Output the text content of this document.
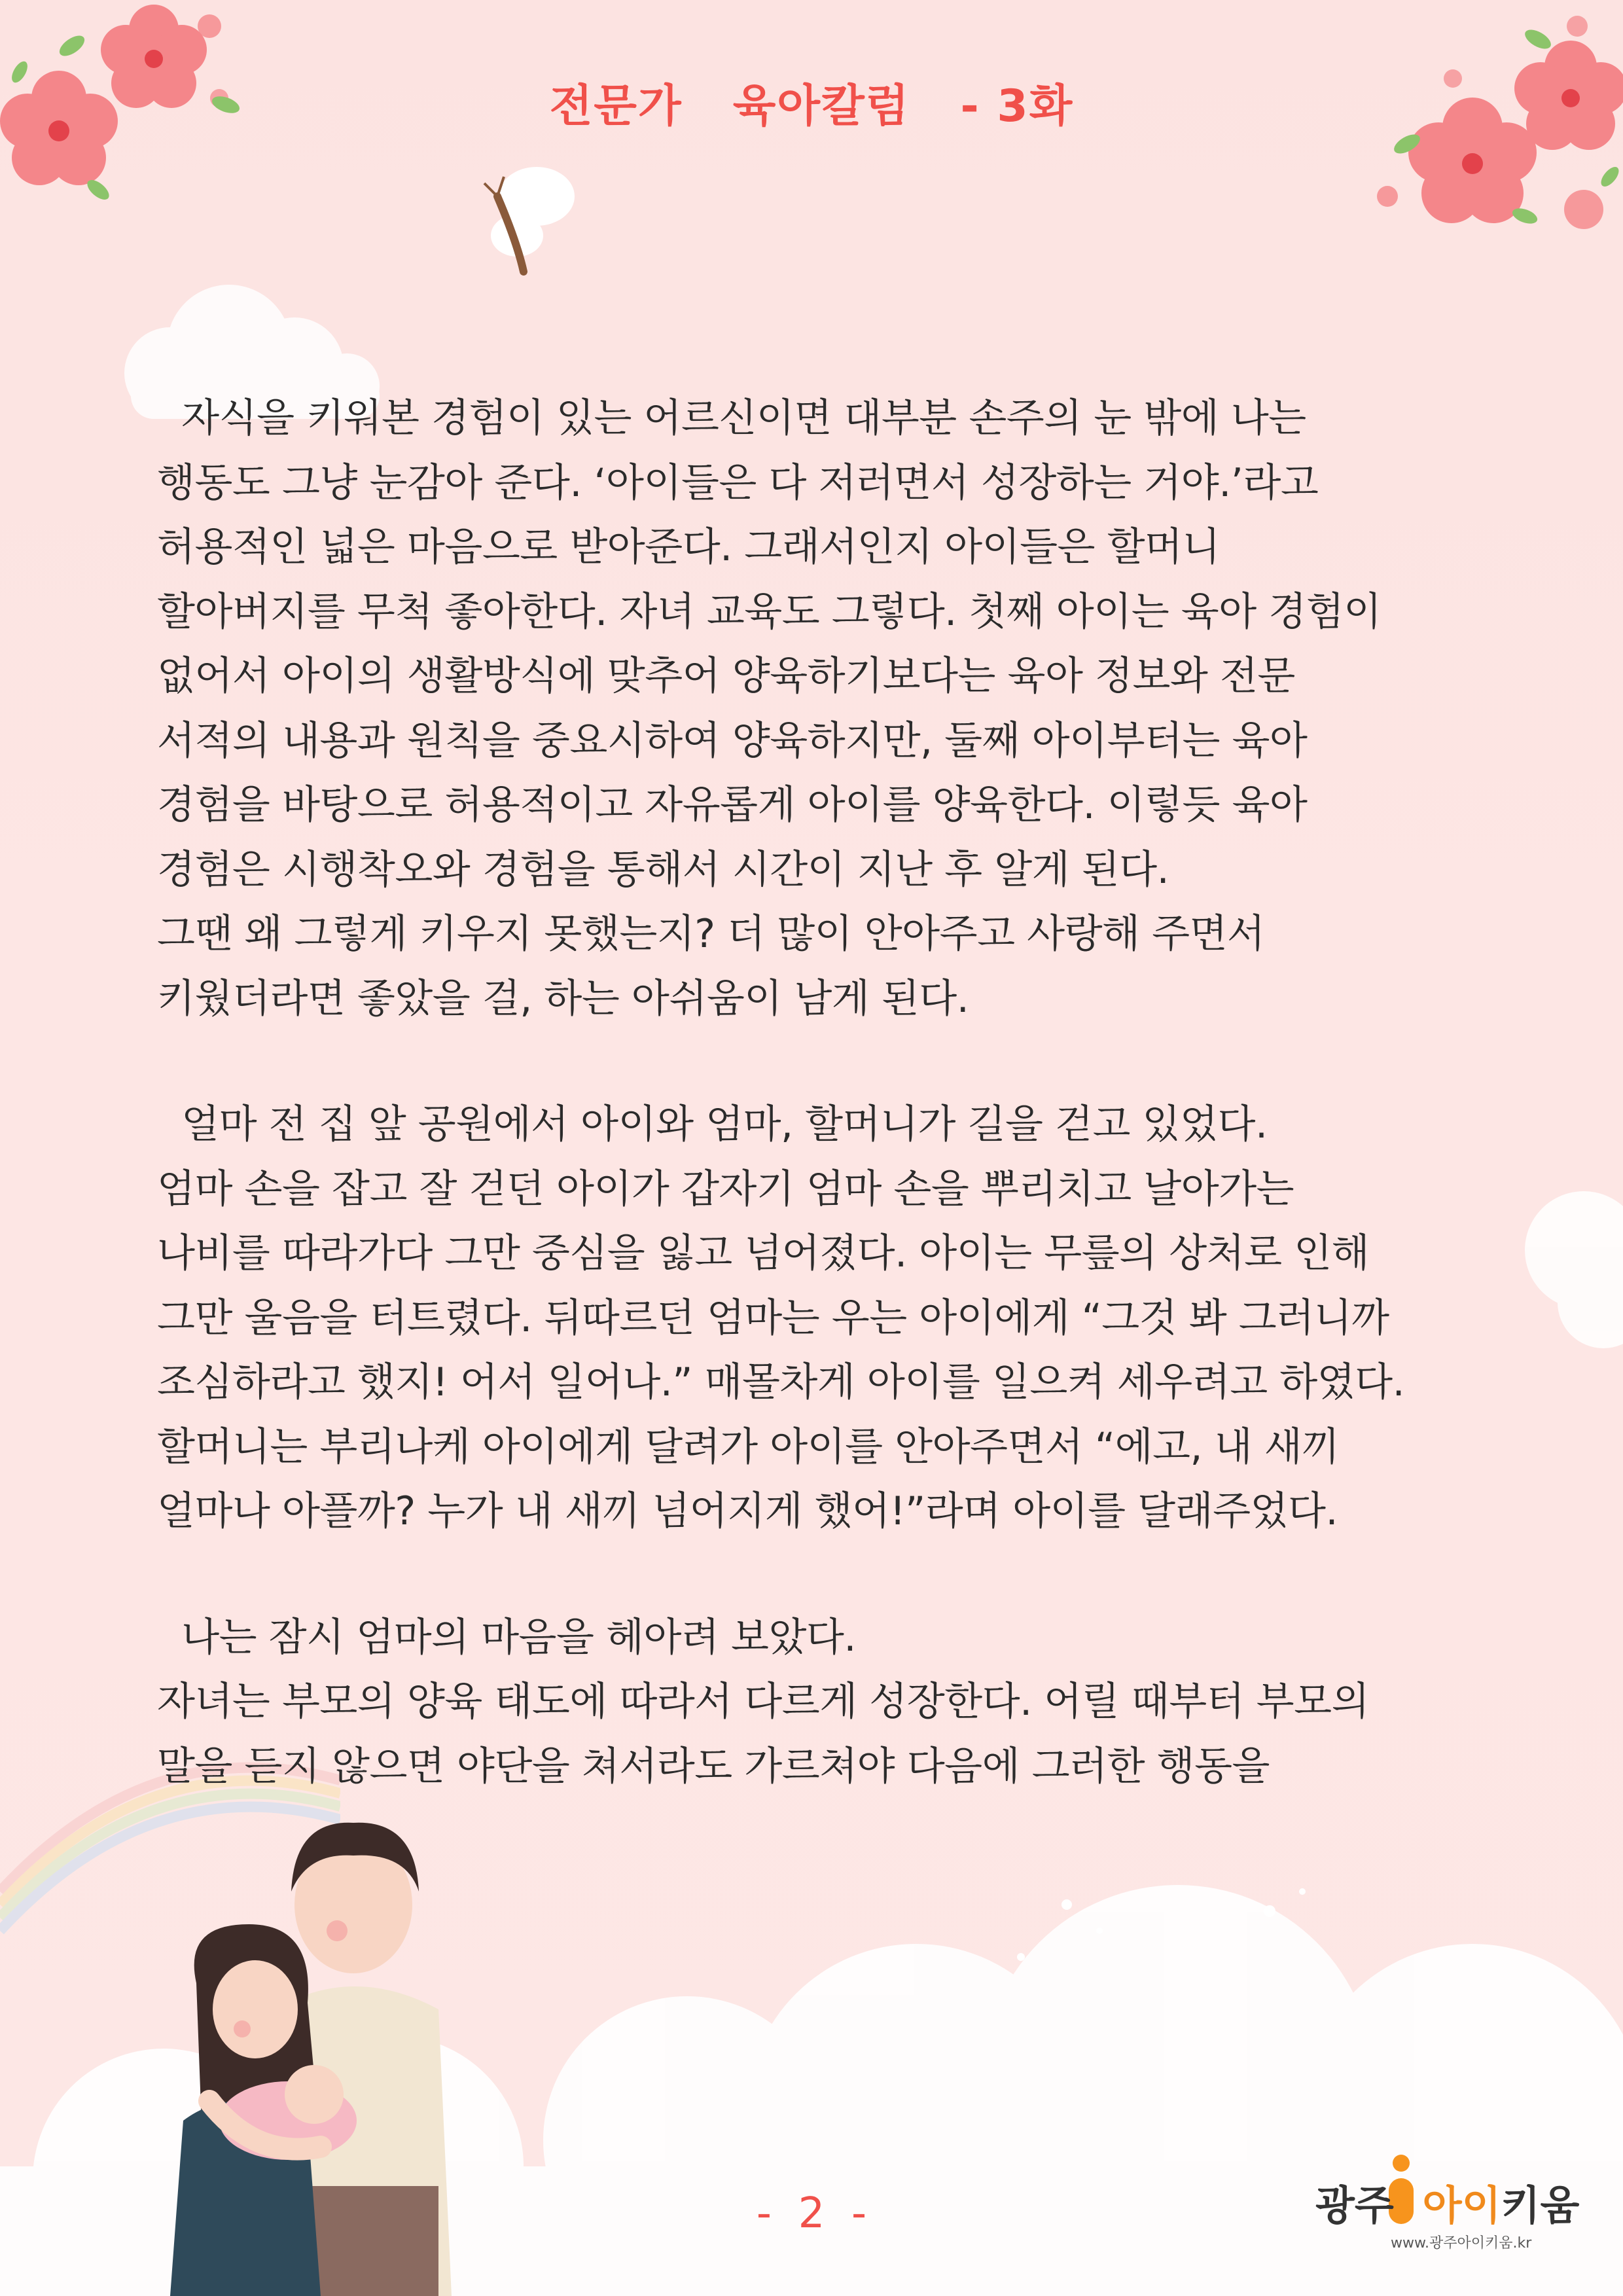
전문가   육아칼럼   - 3화
자식을 키워본 경험이 있는 어르신이면 대부분 손주의 눈 밖에 나는
행동도 그냥 눈감아 준다. ‘아이들은 다 저러면서 성장하는 거야.’라고
허용적인 넓은 마음으로 받아준다. 그래서인지 아이들은 할머니
할아버지를 무척 좋아한다. 자녀 교육도 그렇다. 첫째 아이는 육아 경험이
없어서 아이의 생활방식에 맞추어 양육하기보다는 육아 정보와 전문
서적의 내용과 원칙을 중요시하여 양육하지만, 둘째 아이부터는 육아
경험을 바탕으로 허용적이고 자유롭게 아이를 양육한다. 이렇듯 육아
경험은 시행착오와 경험을 통해서 시간이 지난 후 알게 된다.
그땐 왜 그렇게 키우지 못했는지? 더 많이 안아주고 사랑해 주면서
키웠더라면 좋았을 걸, 하는 아쉬움이 남게 된다.
얼마 전 집 앞 공원에서 아이와 엄마, 할머니가 길을 걷고 있었다.
엄마 손을 잡고 잘 걷던 아이가 갑자기 엄마 손을 뿌리치고 날아가는
나비를 따라가다 그만 중심을 잃고 넘어졌다. 아이는 무릎의 상처로 인해
그만 울음을 터트렸다. 뒤따르던 엄마는 우는 아이에게 “그것 봐 그러니까
조심하라고 했지! 어서 일어나.” 매몰차게 아이를 일으켜 세우려고 하였다.
할머니는 부리나케 아이에게 달려가 아이를 안아주면서 “에고, 내 새끼
얼마나 아플까? 누가 내 새끼 넘어지게 했어!”라며 아이를 달래주었다.
나는 잠시 엄마의 마음을 헤아려 보았다.
자녀는 부모의 양육 태도에 따라서 다르게 성장한다. 어릴 때부터 부모의
말을 듣지 않으면 야단을 쳐서라도 가르쳐야 다음에 그러한 행동을
-  2  -	광주 아이키움
www.광주아이키움.kr
